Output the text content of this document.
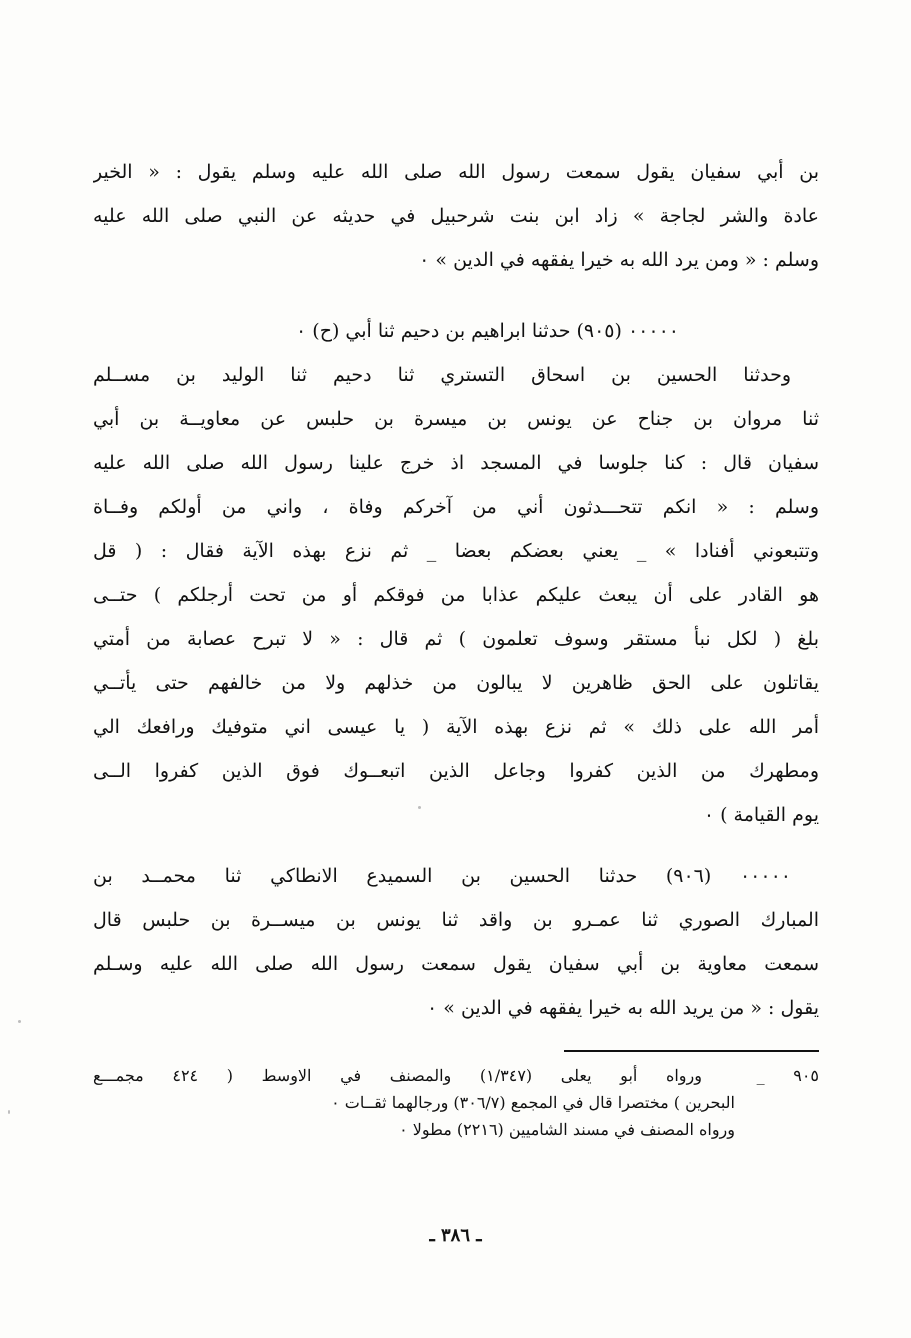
بن أبي سفيان يقول سمعت رسول الله صلى الله عليه وسلم يقول : « الخير
عادة والشر لجاجة » زاد ابن بنت شرحبيل في حديثه عن النبي صلى الله عليه
وسلم : « ومن يرد الله به خيرا يفقهه في الدين » ٠
٠٠٠٠٠ (٩٠٥) حدثنا ابراهيم بن دحيم ثنا أبي (ح) ٠
وحدثنا الحسين بن اسحاق التستري ثنا دحيم ثنا الوليد بن مســلم
ثنا مروان بن جناح عن يونس بن ميسرة بن حلبس عن معاويــة بن أبي
سفيان قال : كنا جلوسا في المسجد اذ خرج علينا رسول الله صلى الله عليه
وسلم : « انكم تتحـــدثون أني من آخركم وفاة ، واني من أولكم وفــاة
وتتبعوني أفنادا » _ يعني بعضكم بعضا _ ثم نزع بهذه الآية فقال : ( قل
هو القادر على أن يبعث عليكم عذابا من فوقكم أو من تحت أرجلكم ) حتــى
بلغ ( لكل نبأ مستقر وسوف تعلمون ) ثم قال : « لا تبرح عصابة من أمتي
يقاتلون على الحق ظاهرين لا يبالون من خذلهم ولا من خالفهم حتى يأتــي
أمر الله على ذلك » ثم نزع بهذه الآية ( يا عيسى اني متوفيك ورافعك الي
ومطهرك من الذين كفروا وجاعل الذين اتبعــوك فوق الذين كفروا الــى
يوم القيامة ) ٠
٠٠٠٠٠ (٩٠٦) حدثنا الحسين بن السميدع الانطاكي ثنا محمــد بن
المبارك الصوري ثنا عمـرو بن واقد ثنا يونس بن ميســرة بن حلبس قال
سمعت معاوية بن أبي سفيان يقول سمعت رسول الله صلى الله عليه وسـلم
يقول : « من يريد الله به خيرا يفقهه في الدين » ٠
٩٠٥ _ ورواه أبو يعلى (١/٣٤٧) والمصنف في الاوسط ( ٤٢٤ مجمـــع
البحرين ) مختصرا قال في المجمع (٣٠٦/٧) ورجالهما ثقــات ٠
ورواه المصنف في مسند الشاميين (٢٢١٦) مطولا ٠
ـ ٣٨٦ ـ
